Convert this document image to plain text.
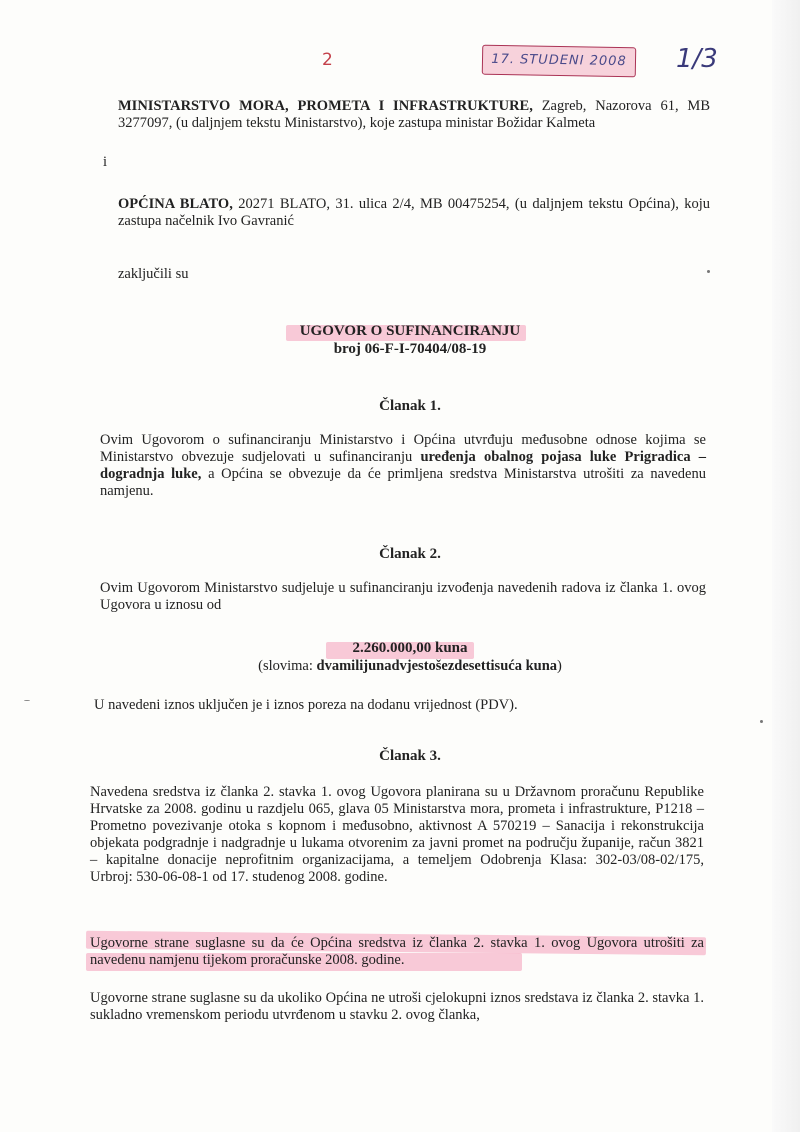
2	17. STUDENI 2008	1/3
MINISTARSTVO MORA, PROMETA I INFRASTRUKTURE, Zagreb, Nazorova 61, MB 3277097, (u daljnjem tekstu Ministarstvo), koje zastupa ministar Božidar Kalmeta
i
OPĆINA BLATO, 20271 BLATO, 31. ulica 2/4, MB 00475254, (u daljnjem tekstu Općina), koju zastupa načelnik Ivo Gavranić
zaključili su
UGOVOR O SUFINANCIRANJU
broj 06-F-I-70404/08-19
Članak 1.
Ovim Ugovorom o sufinanciranju Ministarstvo i Općina utvrđuju međusobne odnose kojima se Ministarstvo obvezuje sudjelovati u sufinanciranju uređenja obalnog pojasa luke Prigradica – dogradnja luke, a Općina se obvezuje da će primljena sredstva Ministarstva utrošiti za navedenu namjenu.
Članak 2.
Ovim Ugovorom Ministarstvo sudjeluje u sufinanciranju izvođenja navedenih radova iz članka 1. ovog Ugovora u iznosu od
2.260.000,00 kuna
(slovima: dvamilijunadvjestošezdesettisuća kuna)
U navedeni iznos uključen je i iznos poreza na dodanu vrijednost (PDV).
Članak 3.
Navedena sredstva iz članka 2. stavka 1. ovog Ugovora planirana su u Državnom proračunu Republike Hrvatske za 2008. godinu u razdjelu 065, glava 05 Ministarstva mora, prometa i infrastrukture, P1218 – Prometno povezivanje otoka s kopnom i međusobno, aktivnost A 570219 – Sanacija i rekonstrukcija objekata podgradnje i nadgradnje u lukama otvorenim za javni promet na području županije, račun 3821 – kapitalne donacije neprofitnim organizacijama, a temeljem Odobrenja Klasa: 302-03/08-02/175, Urbroj: 530-06-08-1 od 17. studenog 2008. godine.
Ugovorne strane suglasne su da će Općina sredstva iz članka 2. stavka 1. ovog Ugovora utrošiti za navedenu namjenu tijekom proračunske 2008. godine.
Ugovorne strane suglasne su da ukoliko Općina ne utroši cjelokupni iznos sredstava iz članka 2. stavka 1. sukladno vremenskom periodu utvrđenom u stavku 2. ovog članka,
